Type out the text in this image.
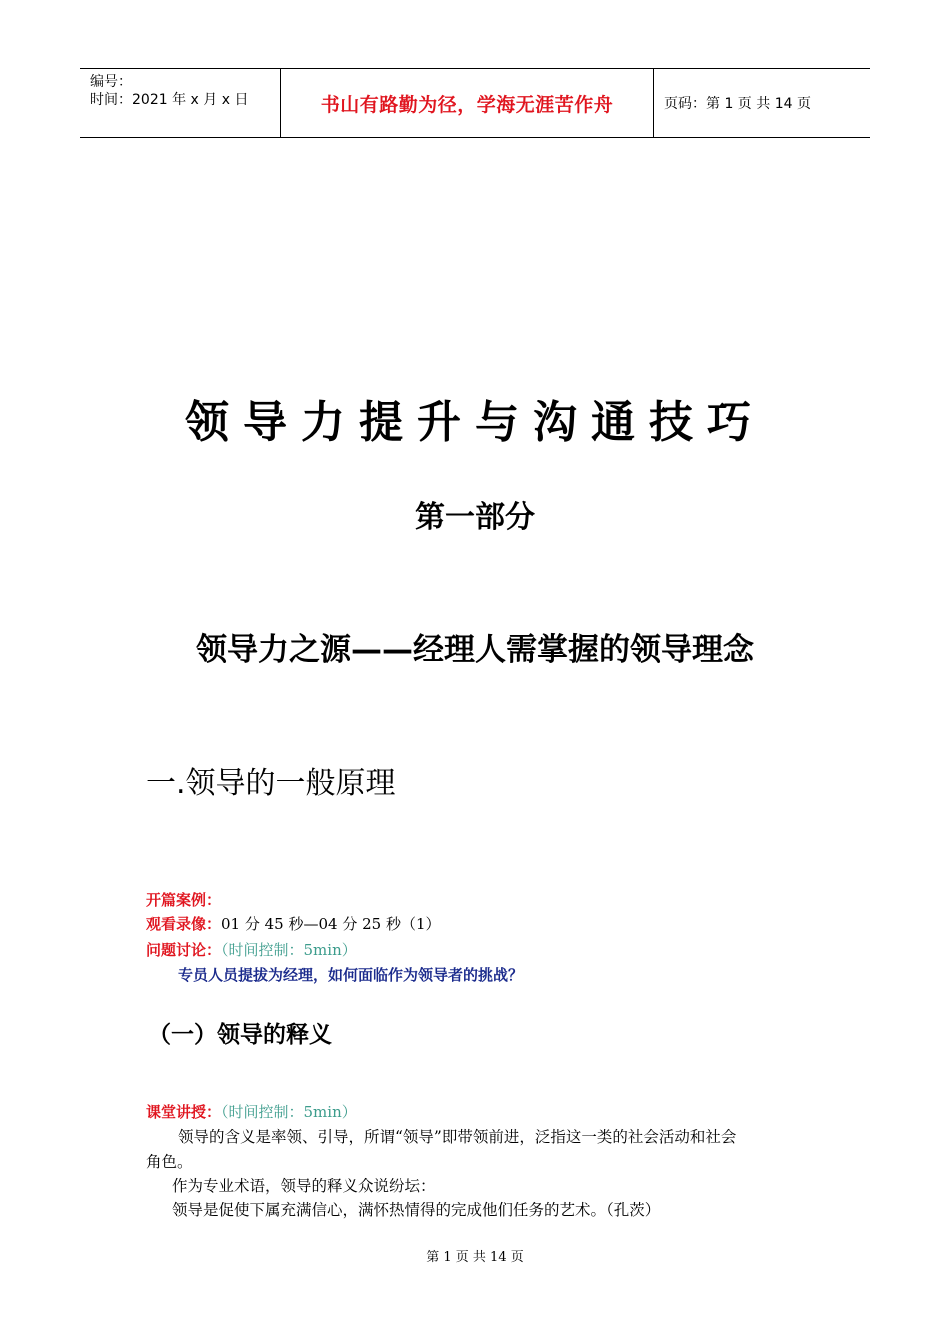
编号：
时间：2021 年 x 月 x 日	书山有路勤为径，学海无涯苦作舟	页码：第 1 页 共 14 页
领导力提升与沟通技巧
第一部分
领导力之源——经理人需掌握的领导理念
一.领导的一般原理
开篇案例：
观看录像：01 分 45 秒—04 分 25 秒（1）
问题讨论：（时间控制：5min）
专员人员提拔为经理，如何面临作为领导者的挑战？
（一）领导的释义
课堂讲授：（时间控制：5min）
领导的含义是率领、引导，所谓“领导”即带领前进，泛指这一类的社会活动和社会
角色。
作为专业术语，领导的释义众说纷坛：
领导是促使下属充满信心，满怀热情得的完成他们任务的艺术。（孔茨）
第 1 页 共 14 页
